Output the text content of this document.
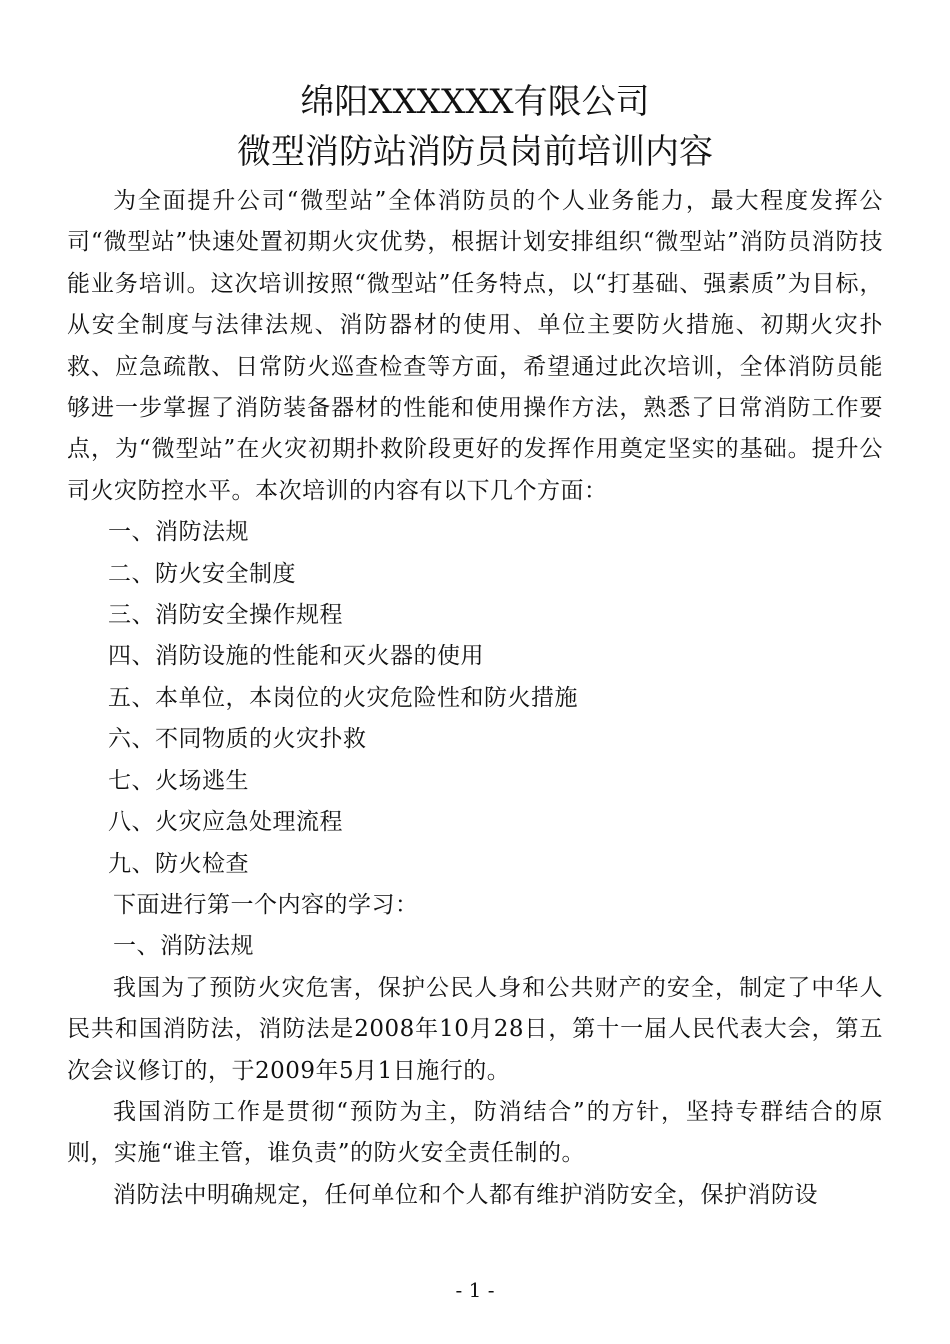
绵阳XXXXXX有限公司
微型消防站消防员岗前培训内容

为全面提升公司“微型站”全体消防员的个人业务能力，最大程度发挥公司“微型站”快速处置初期火灾优势，根据计划安排组织“微型站”消防员消防技能业务培训。这次培训按照“微型站”任务特点，以“打基础、强素质”为目标，从安全制度与法律法规、消防器材的使用、单位主要防火措施、初期火灾扑救、应急疏散、日常防火巡查检查等方面，希望通过此次培训，全体消防员能够进一步掌握了消防装备器材的性能和使用操作方法，熟悉了日常消防工作要点，为“微型站”在火灾初期扑救阶段更好的发挥作用奠定坚实的基础。提升公司火灾防控水平。本次培训的内容有以下几个方面：

一、消防法规
二、防火安全制度
三、消防安全操作规程
四、消防设施的性能和灭火器的使用
五、本单位，本岗位的火灾危险性和防火措施
六、不同物质的火灾扑救
七、火场逃生
八、火灾应急处理流程
九、防火检查

下面进行第一个内容的学习：

一、消防法规

我国为了预防火灾危害，保护公民人身和公共财产的安全，制定了中华人民共和国消防法，消防法是2008年10月28日，第十一届人民代表大会，第五次会议修订的，于2009年5月1日施行的。

我国消防工作是贯彻“预防为主，防消结合”的方针，坚持专群结合的原则，实施“谁主管，谁负责”的防火安全责任制的。

消防法中明确规定，任何单位和个人都有维护消防安全，保护消防设

- 1 -
